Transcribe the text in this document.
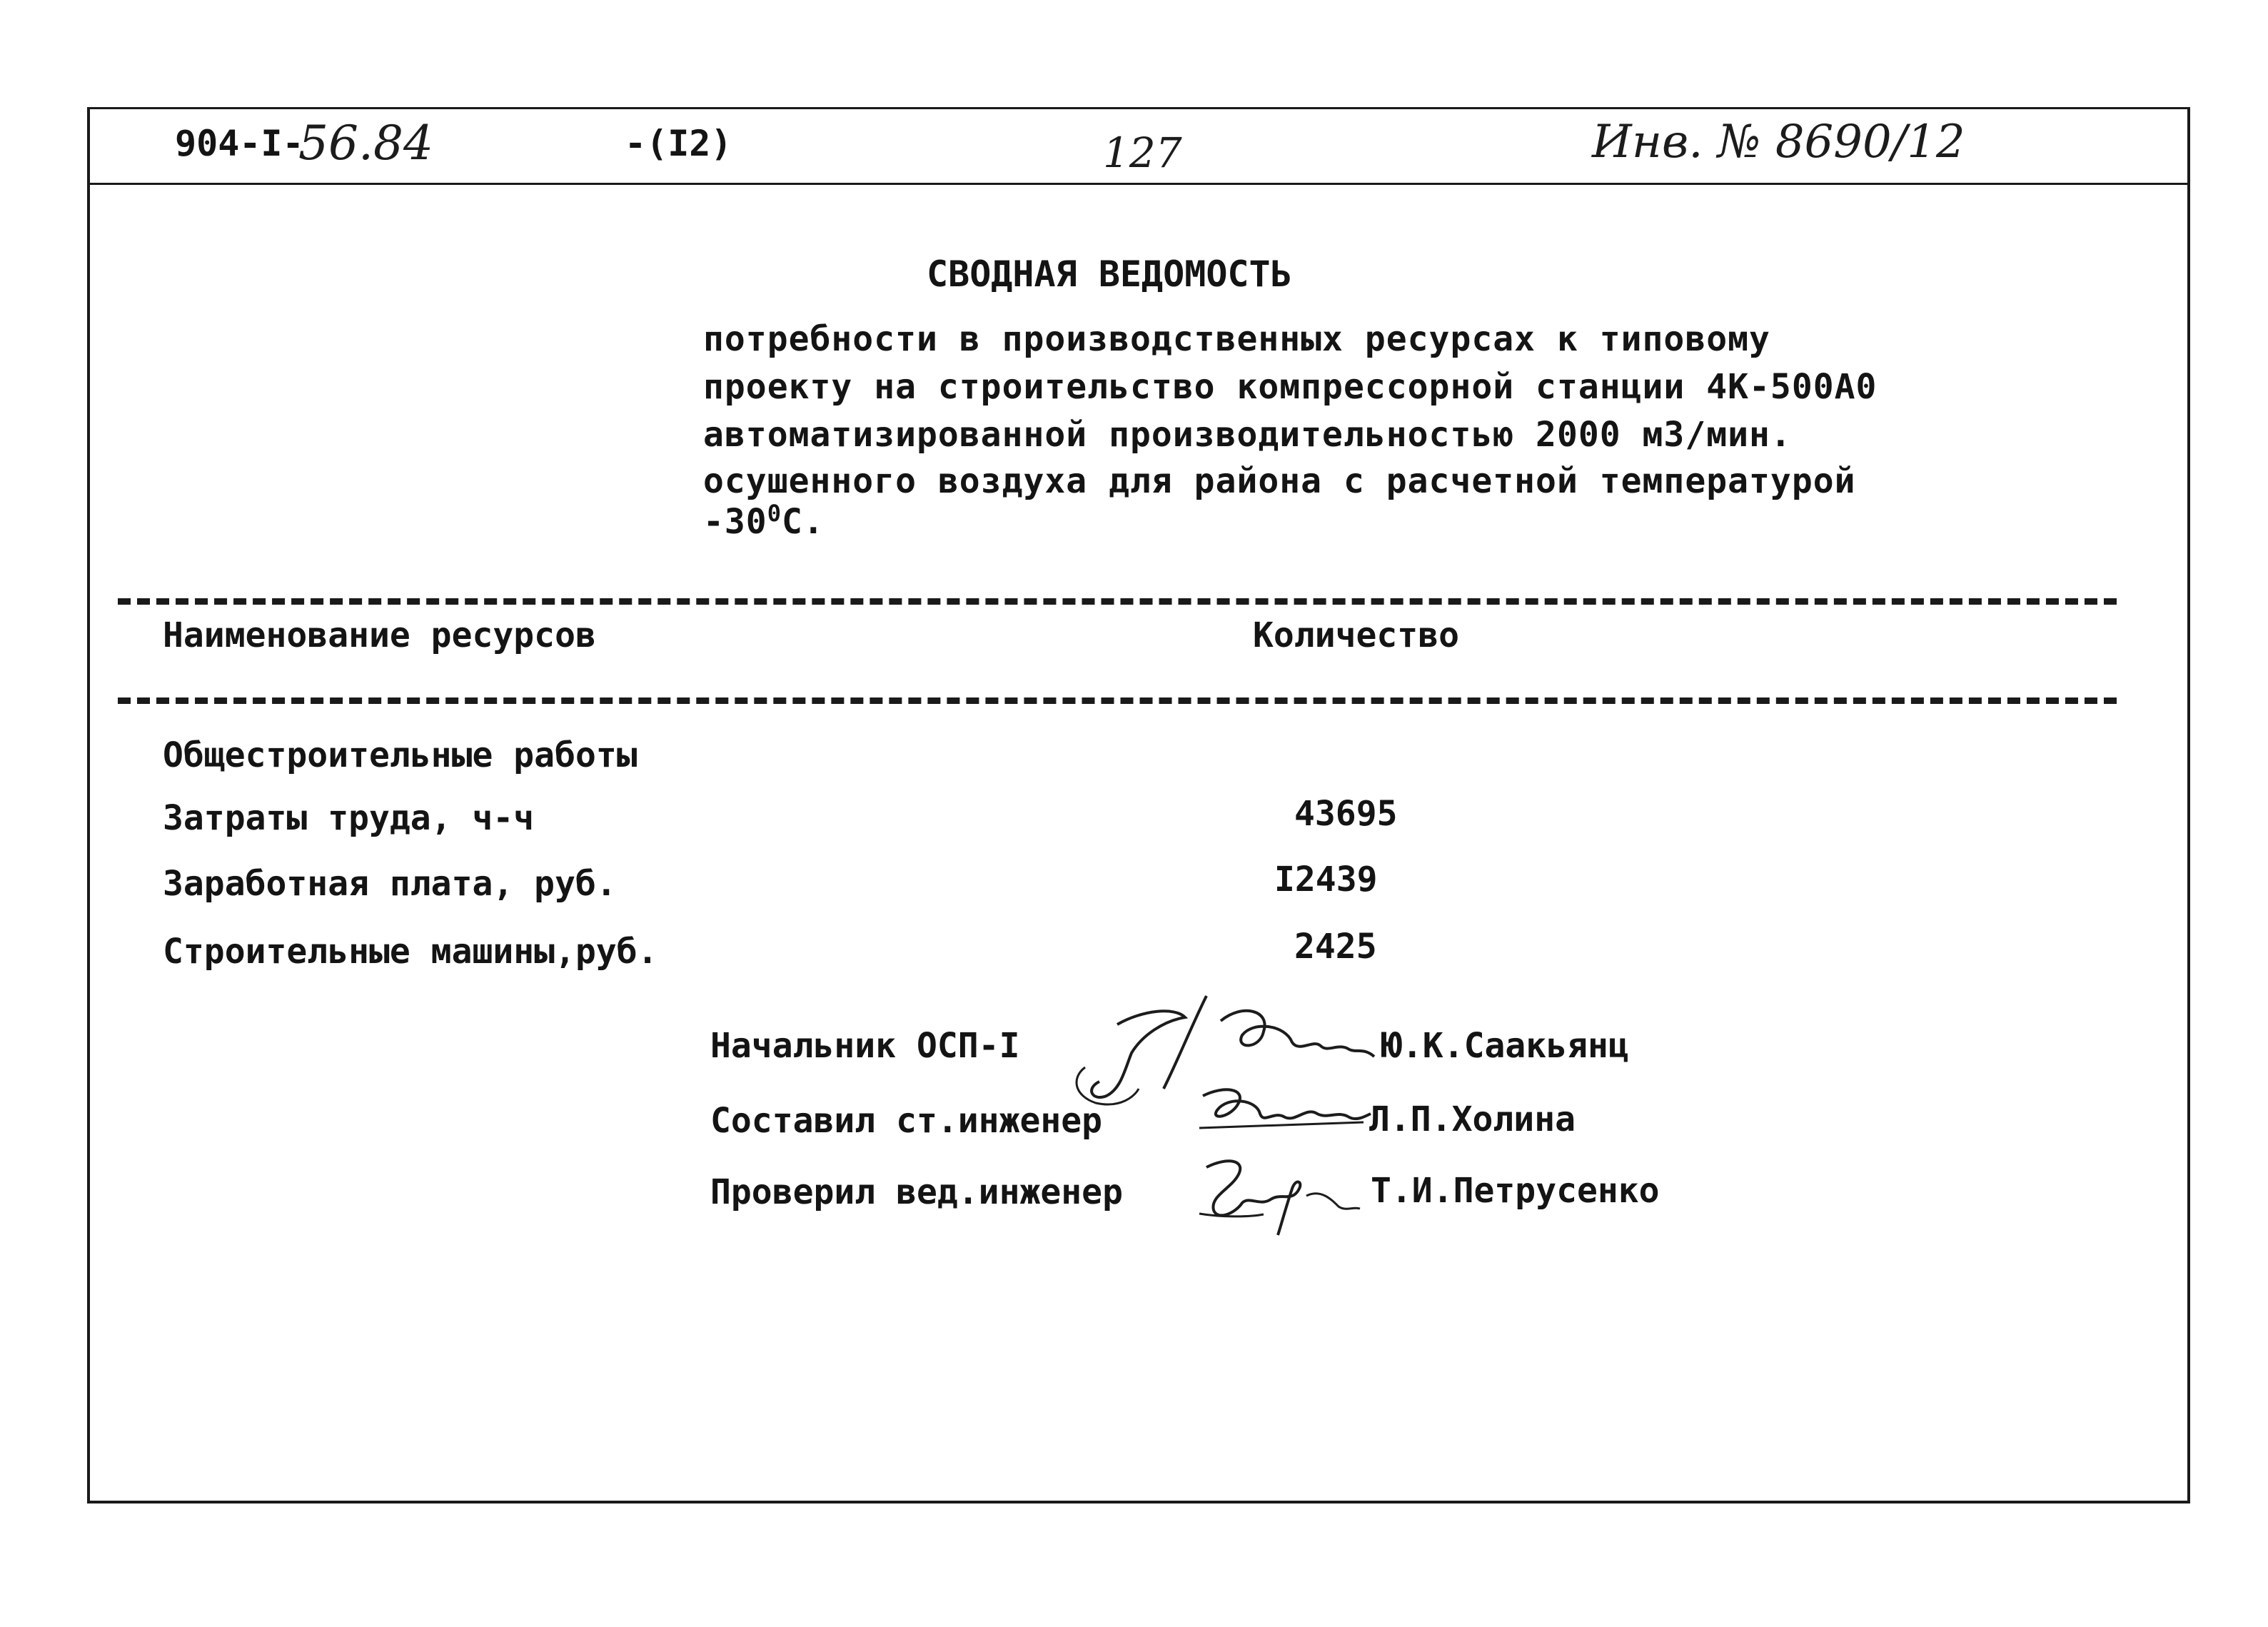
904-I-
56.84	-(I2)	127	Инв. № 8690/12
СВОДНАЯ ВЕДОМОСТЬ
потребности в производственных ресурсах к типовому
проекту на строительство компрессорной станции 4К-500А0
автоматизированной производительностью 2000 м3/мин.
осушенного воздуха для района с расчетной температурой
$-30^0С$.
Наименование ресурсов	Количество
Общестроительные работы
Затраты труда, ч-ч	43695
Заработная плата, руб.	I2439
Строительные машины,руб.	2425
Начальник ОСП-I	Ю.К.Саакьянц
Составил ст.инженер	Л.П.Холина
Проверил вед.инженер	Т.И.Петрусенко
